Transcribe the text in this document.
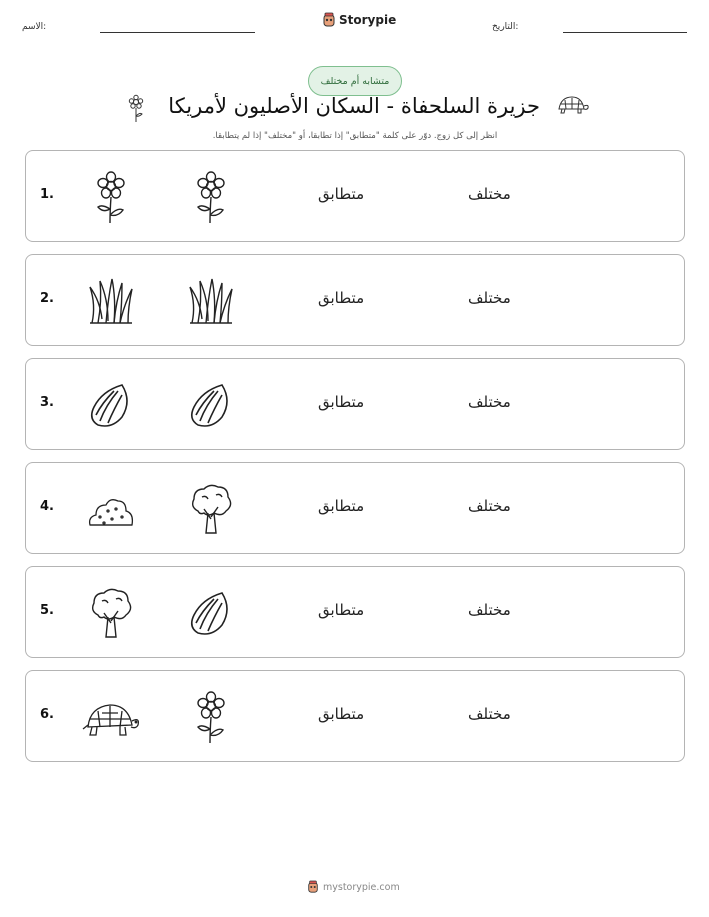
الاسم:	Storypie	التاريخ:
متشابه أم مختلف
جزيرة السلحفاة - السكان الأصليون لأمريكا
انظر إلى كل زوج. دوّر على كلمة "متطابق" إذا تطابقا، أو "مختلف" إذا لم يتطابقا.
1.	متطابق	مختلف
2.	متطابق	مختلف
3.	متطابق	مختلف
4.	متطابق	مختلف
5.	متطابق	مختلف
6.	متطابق	مختلف
mystorypie.com
